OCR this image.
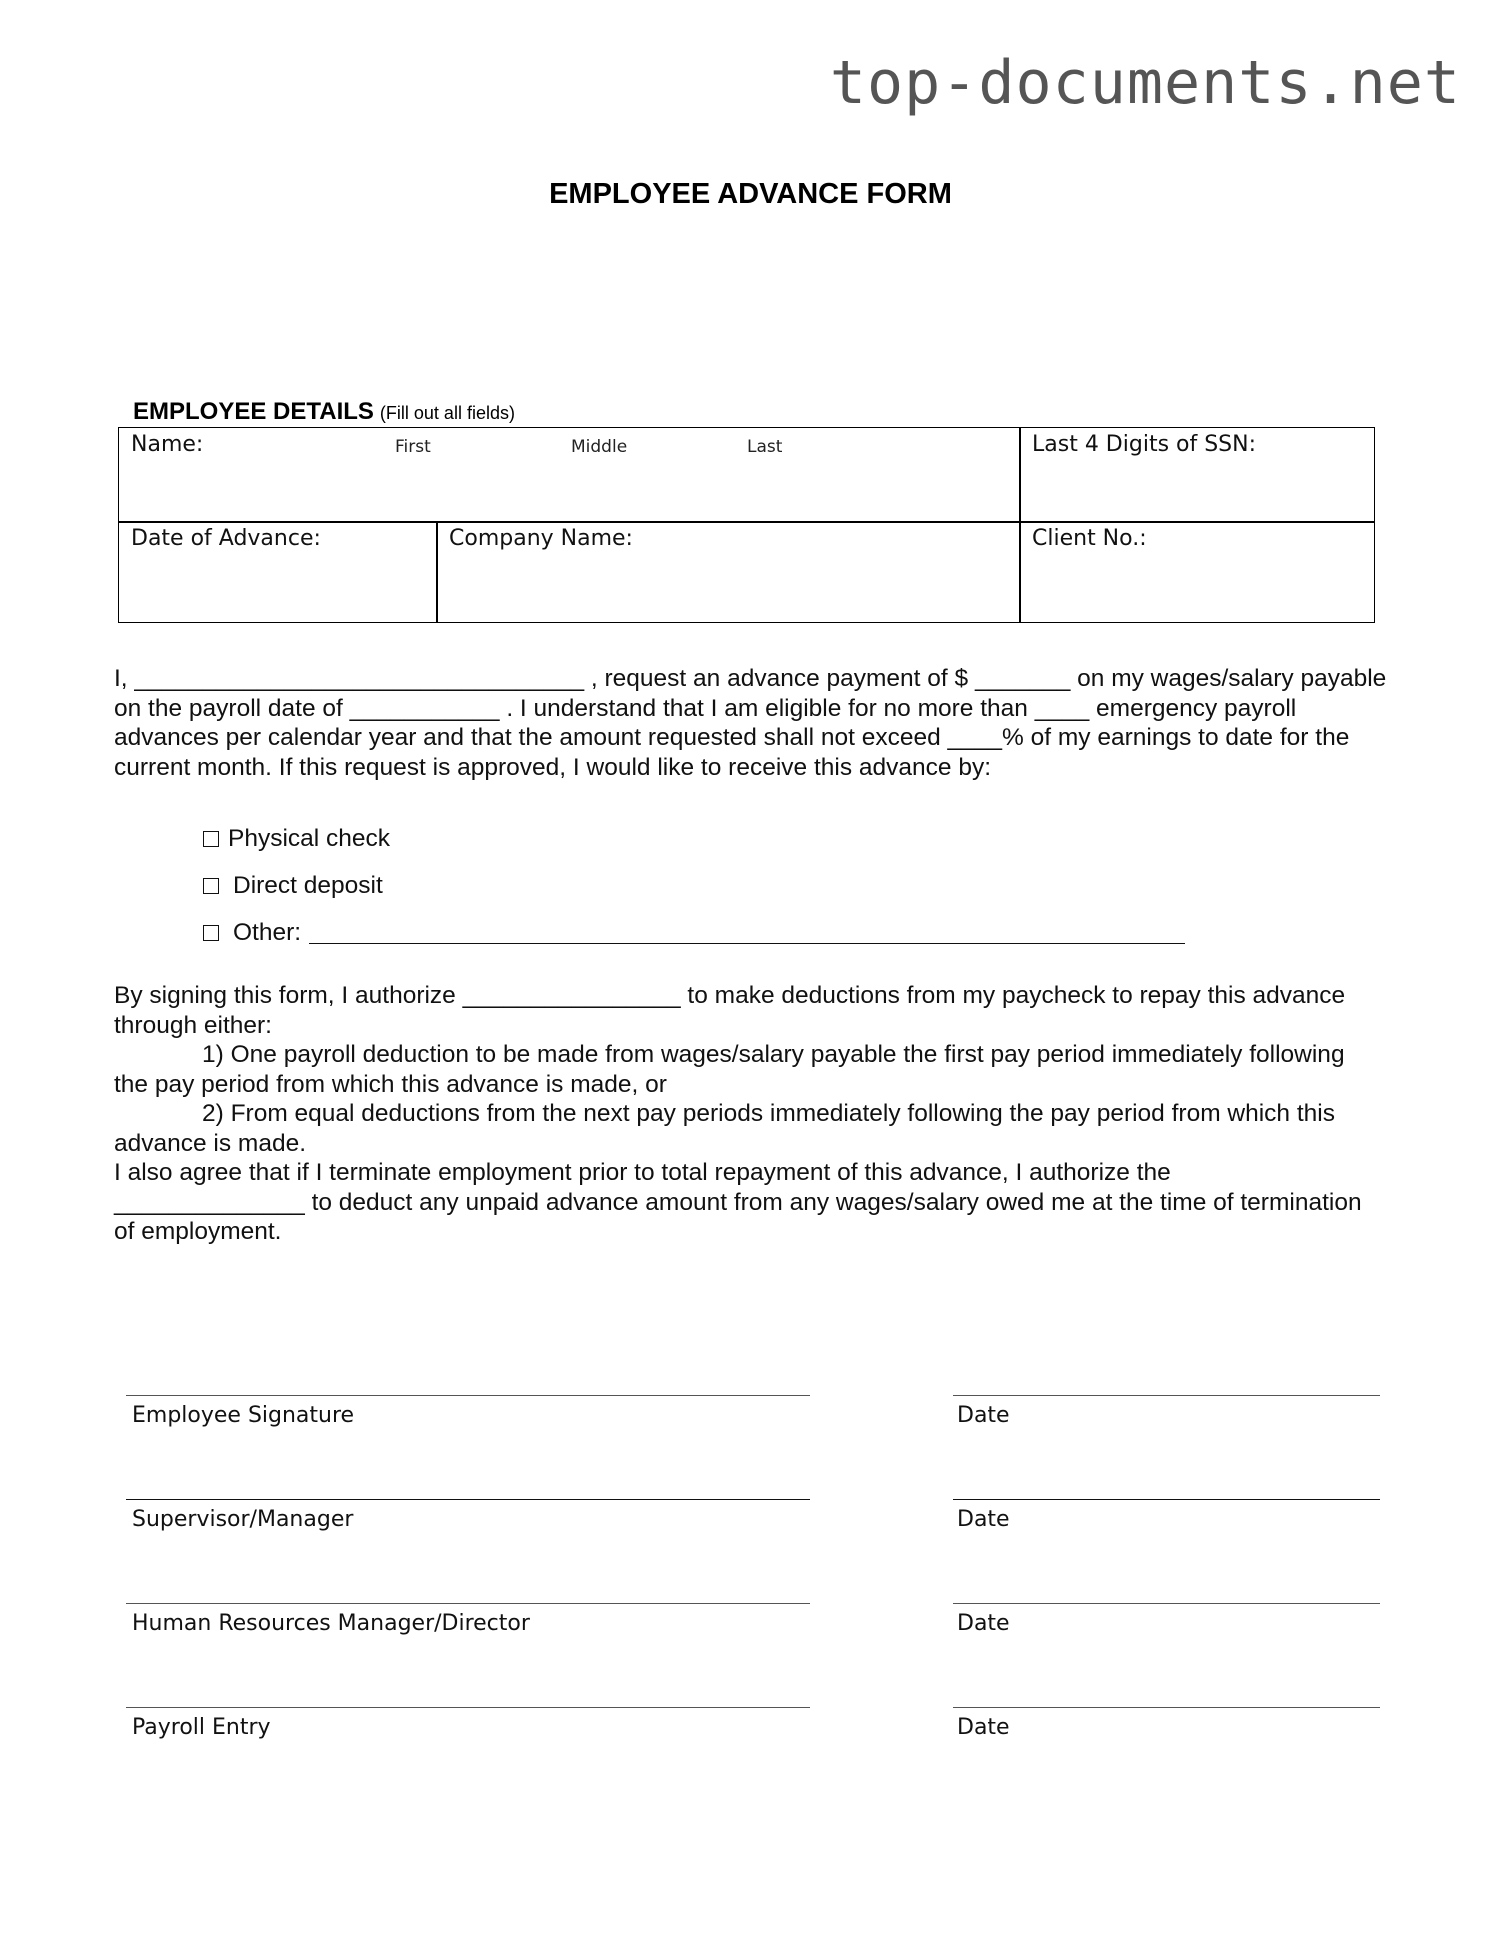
top-documents.net
EMPLOYEE ADVANCE FORM
EMPLOYEE DETAILS (Fill out all fields)
Name:	First	Middle	Last	Last 4 Digits of SSN:
Date of Advance:	Company Name:	Client No.:

I, _________________________________ , request an advance payment of $ _______ on my wages/salary payable

on the payroll date of ___________ . I understand that I am eligible for no more than ____ emergency payroll

advances per calendar year and that the amount requested shall not exceed ____% of my earnings to date for the

current month. If this request is approved, I would like to receive this advance by:

Physical check
Direct deposit
Other:

By signing this form, I authorize ________________ to make deductions from my paycheck to repay this advance

through either:

1) One payroll deduction to be made from wages/salary payable the first pay period immediately following

the pay period from which this advance is made, or

2) From equal deductions from the next pay periods immediately following the pay period from which this

advance is made.

I also agree that if I terminate employment prior to total repayment of this advance, I authorize the

______________ to deduct any unpaid advance amount from any wages/salary owed me at the time of termination

of employment.

Employee Signature	Date
Supervisor/Manager	Date
Human Resources Manager/Director	Date
Payroll Entry	Date
